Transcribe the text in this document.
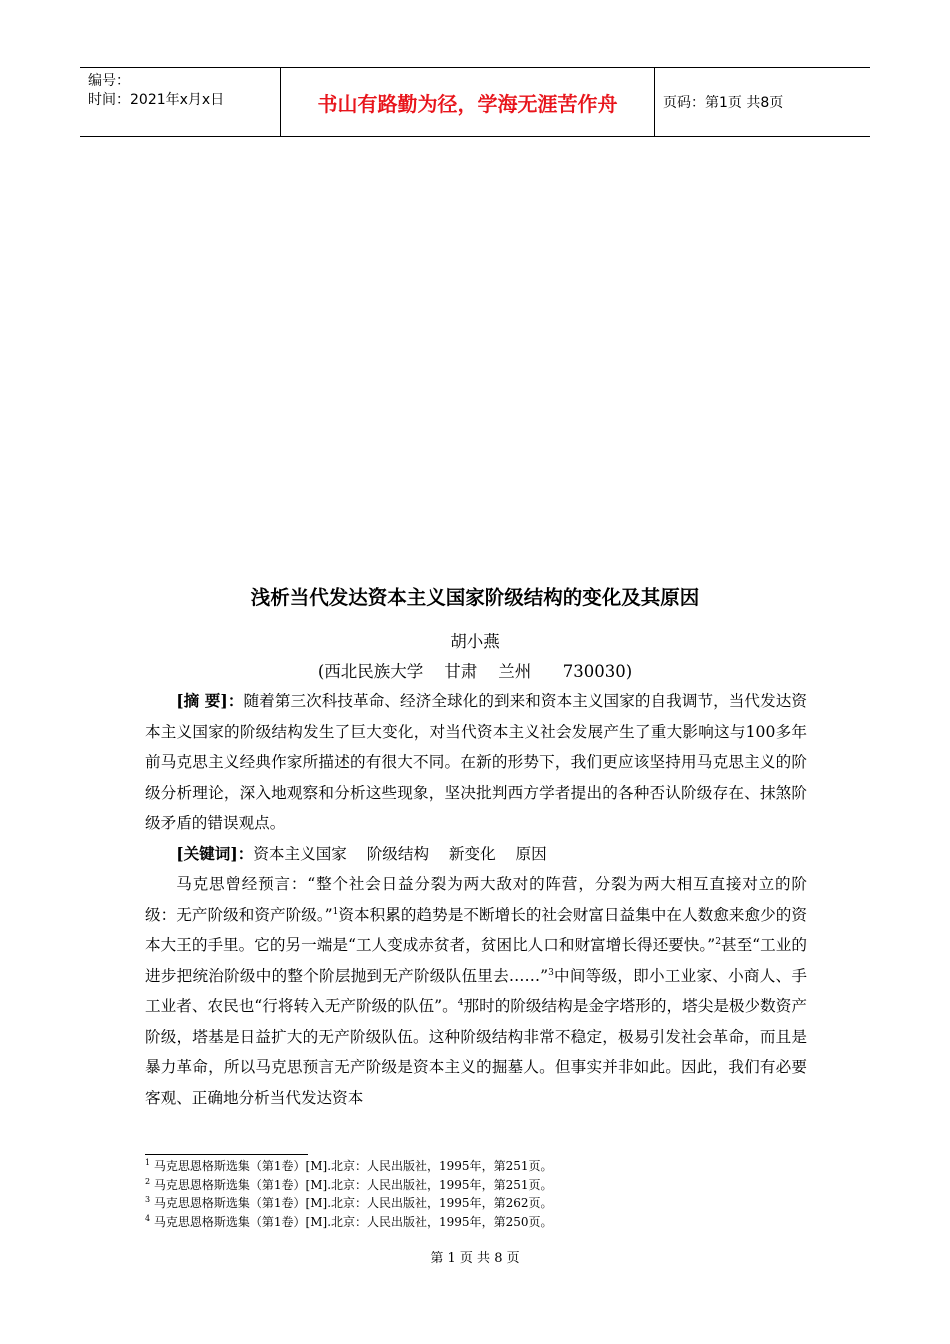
编号：
时间：2021年x月x日	书山有路勤为径，学海无涯苦作舟	页码：第1页 共8页
浅析当代发达资本主义国家阶级结构的变化及其原因
胡小燕
(西北民族大学    甘肃    兰州      730030)

[摘 要]：随着第三次科技革命、经济全球化的到来和资本主义国家的自我调节，当代发达资本主义国家的阶级结构发生了巨大变化，对当代资本主义社会发展产生了重大影响这与100多年前马克思主义经典作家所描述的有很大不同。在新的形势下，我们更应该坚持用马克思主义的阶级分析理论，深入地观察和分析这些现象，坚决批判西方学者提出的各种否认阶级存在、抹煞阶级矛盾的错误观点。

[关键词]：资本主义国家    阶级结构    新变化    原因

马克思曾经预言：“整个社会日益分裂为两大敌对的阵营，分裂为两大相互直接对立的阶级：无产阶级和资产阶级。”$^1$资本积累的趋势是不断增长的社会财富日益集中在人数愈来愈少的资本大王的手里。它的另一端是“工人变成赤贫者，贫困比人口和财富增长得还要快。”$^2$甚至“工业的进步把统治阶级中的整个阶层抛到无产阶级队伍里去……”$^3$中间等级，即小工业家、小商人、手工业者、农民也“行将转入无产阶级的队伍”。$^4$那时的阶级结构是金字塔形的，塔尖是极少数资产阶级，塔基是日益扩大的无产阶级队伍。这种阶级结构非常不稳定，极易引发社会革命，而且是暴力革命，所以马克思预言无产阶级是资本主义的掘墓人。但事实并非如此。因此，我们有必要客观、正确地分析当代发达资本

$^1$ 马克思恩格斯选集（第1卷）[M].北京：人民出版社，1995年，第251页。
$^2$ 马克思恩格斯选集（第1卷）[M].北京：人民出版社，1995年，第251页。
$^3$ 马克思恩格斯选集（第1卷）[M].北京：人民出版社，1995年，第262页。
$^4$ 马克思恩格斯选集（第1卷）[M].北京：人民出版社，1995年，第250页。
第 1 页 共 8 页
